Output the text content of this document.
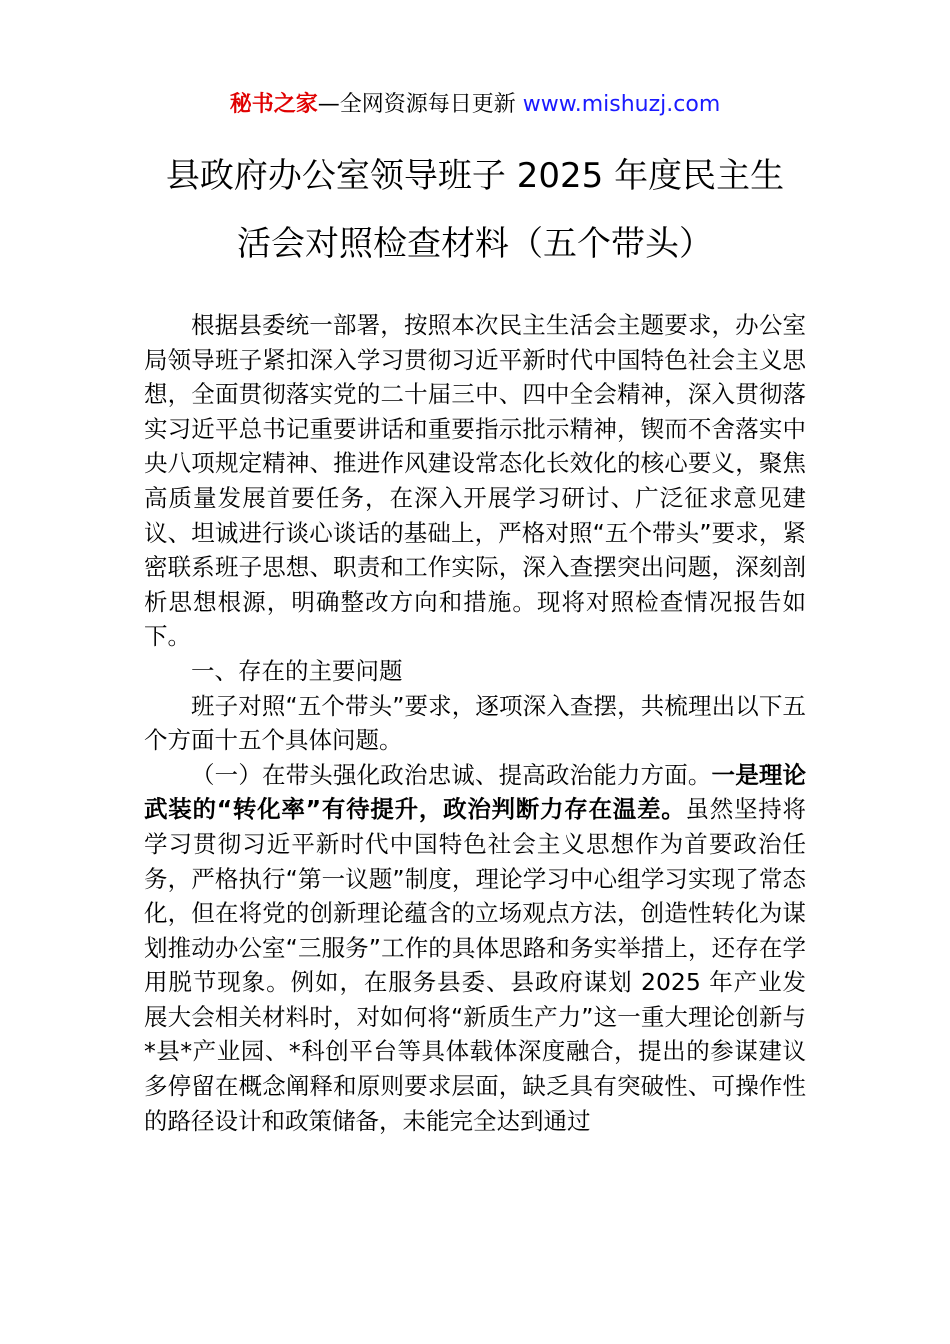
秘书之家—全网资源每日更新 www.mishuzj.com
县政府办公室领导班子 2025 年度民主生
活会对照检查材料（五个带头）

根据县委统一部署，按照本次民主生活会主题要求，办公室局领导班子紧扣深入学习贯彻习近平新时代中国特色社会主义思想，全面贯彻落实党的二十届三中、四中全会精神，深入贯彻落实习近平总书记重要讲话和重要指示批示精神，锲而不舍落实中央八项规定精神、推进作风建设常态化长效化的核心要义，聚焦高质量发展首要任务，在深入开展学习研讨、广泛征求意见建议、坦诚进行谈心谈话的基础上，严格对照“五个带头”要求，紧密联系班子思想、职责和工作实际，深入查摆突出问题，深刻剖析思想根源，明确整改方向和措施。现将对照检查情况报告如下。

一、存在的主要问题

班子对照“五个带头”要求，逐项深入查摆，共梳理出以下五个方面十五个具体问题。

（一）在带头强化政治忠诚、提高政治能力方面。一是理论武装的“转化率”有待提升，政治判断力存在温差。虽然坚持将学习贯彻习近平新时代中国特色社会主义思想作为首要政治任务，严格执行“第一议题”制度，理论学习中心组学习实现了常态化，但在将党的创新理论蕴含的立场观点方法，创造性转化为谋划推动办公室“三服务”工作的具体思路和务实举措上，还存在学用脱节现象。例如，在服务县委、县政府谋划 2025 年产业发展大会相关材料时，对如何将“新质生产力”这一重大理论创新与*县*产业园、*科创平台等具体载体深度融合，提出的参谋建议多停留在概念阐释和原则要求层面，缺乏具有突破性、可操作性的路径设计和政策储备，未能完全达到通过
